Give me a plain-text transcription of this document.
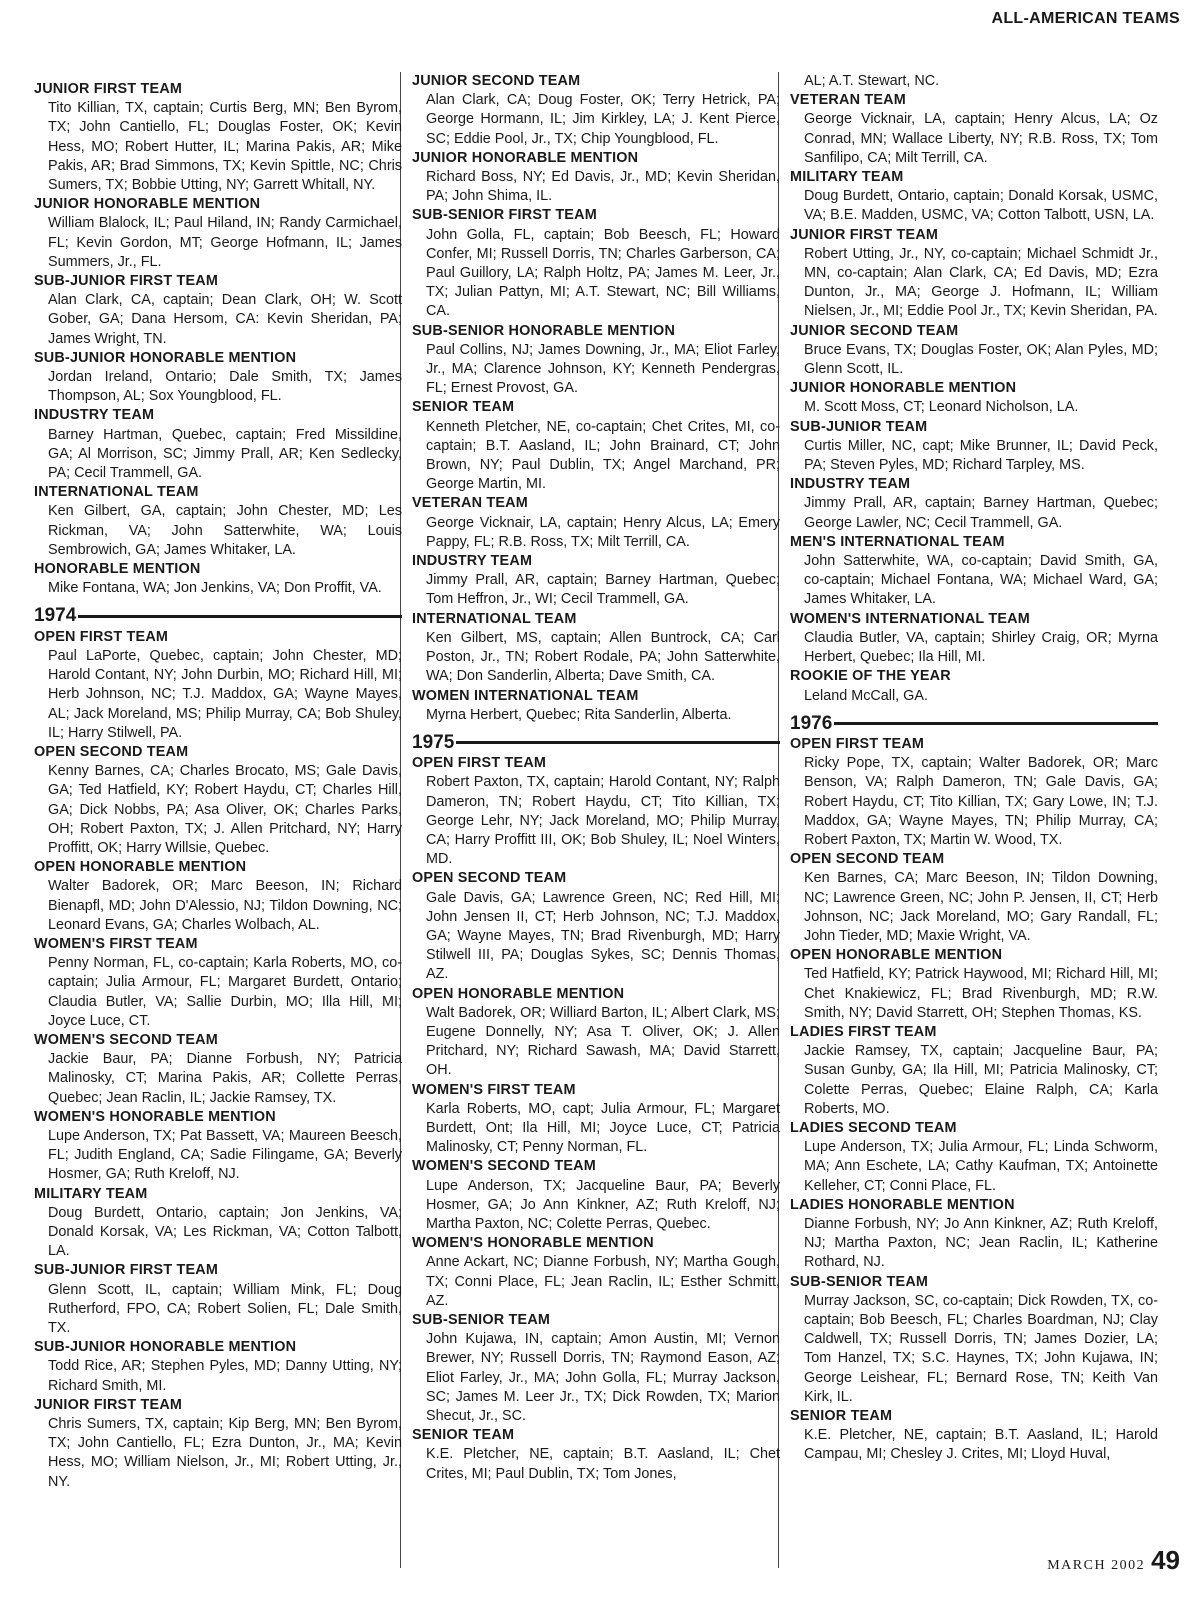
ALL-AMERICAN TEAMS
JUNIOR FIRST TEAM
Tito Killian, TX, captain; Curtis Berg, MN; Ben Byrom, TX; John Cantiello, FL; Douglas Foster, OK; Kevin Hess, MO; Robert Hutter, IL; Marina Pakis, AR; Mike Pakis, AR; Brad Simmons, TX; Kevin Spittle, NC; Chris Sumers, TX; Bobbie Utting, NY; Garrett Whitall, NY.
JUNIOR HONORABLE MENTION
William Blalock, IL; Paul Hiland, IN; Randy Carmichael, FL; Kevin Gordon, MT; George Hofmann, IL; James Summers, Jr., FL.
SUB-JUNIOR FIRST TEAM
Alan Clark, CA, captain; Dean Clark, OH; W. Scott Gober, GA; Dana Hersom, CA: Kevin Sheridan, PA; James Wright, TN.
SUB-JUNIOR HONORABLE MENTION
Jordan Ireland, Ontario; Dale Smith, TX; James Thompson, AL; Sox Youngblood, FL.
INDUSTRY TEAM
Barney Hartman, Quebec, captain; Fred Missildine, GA; Al Morrison, SC; Jimmy Prall, AR; Ken Sedlecky, PA; Cecil Trammell, GA.
INTERNATIONAL TEAM
Ken Gilbert, GA, captain; John Chester, MD; Les Rickman, VA; John Satterwhite, WA; Louis Sembrowich, GA; James Whitaker, LA.
HONORABLE MENTION
Mike Fontana, WA; Jon Jenkins, VA; Don Proffit, VA.
1974
OPEN FIRST TEAM
Paul LaPorte, Quebec, captain; John Chester, MD; Harold Contant, NY; John Durbin, MO; Richard Hill, MI; Herb Johnson, NC; T.J. Maddox, GA; Wayne Mayes, AL; Jack Moreland, MS; Philip Murray, CA; Bob Shuley, IL; Harry Stilwell, PA.
OPEN SECOND TEAM
Kenny Barnes, CA; Charles Brocato, MS; Gale Davis, GA; Ted Hatfield, KY; Robert Haydu, CT; Charles Hill, GA; Dick Nobbs, PA; Asa Oliver, OK; Charles Parks, OH; Robert Paxton, TX; J. Allen Pritchard, NY; Harry Proffitt, OK; Harry Willsie, Quebec.
OPEN HONORABLE MENTION
Walter Badorek, OR; Marc Beeson, IN; Richard Bienapfl, MD; John D'Alessio, NJ; Tildon Downing, NC; Leonard Evans, GA; Charles Wolbach, AL.
WOMEN'S FIRST TEAM
Penny Norman, FL, co-captain; Karla Roberts, MO, co-captain; Julia Armour, FL; Margaret Burdett, Ontario; Claudia Butler, VA; Sallie Durbin, MO; Illa Hill, MI; Joyce Luce, CT.
WOMEN'S SECOND TEAM
Jackie Baur, PA; Dianne Forbush, NY; Patricia Malinosky, CT; Marina Pakis, AR; Collette Perras, Quebec; Jean Raclin, IL; Jackie Ramsey, TX.
WOMEN'S HONORABLE MENTION
Lupe Anderson, TX; Pat Bassett, VA; Maureen Beesch, FL; Judith England, CA; Sadie Filingame, GA; Beverly Hosmer, GA; Ruth Kreloff, NJ.
MILITARY TEAM
Doug Burdett, Ontario, captain; Jon Jenkins, VA; Donald Korsak, VA; Les Rickman, VA; Cotton Talbott, LA.
SUB-JUNIOR FIRST TEAM
Glenn Scott, IL, captain; William Mink, FL; Doug Rutherford, FPO, CA; Robert Solien, FL; Dale Smith, TX.
SUB-JUNIOR HONORABLE MENTION
Todd Rice, AR; Stephen Pyles, MD; Danny Utting, NY; Richard Smith, MI.
JUNIOR FIRST TEAM
Chris Sumers, TX, captain; Kip Berg, MN; Ben Byrom, TX; John Cantiello, FL; Ezra Dunton, Jr., MA; Kevin Hess, MO; William Nielson, Jr., MI; Robert Utting, Jr., NY.
JUNIOR SECOND TEAM
Alan Clark, CA; Doug Foster, OK; Terry Hetrick, PA; George Hormann, IL; Jim Kirkley, LA; J. Kent Pierce, SC; Eddie Pool, Jr., TX; Chip Youngblood, FL.
JUNIOR HONORABLE MENTION
Richard Boss, NY; Ed Davis, Jr., MD; Kevin Sheridan, PA; John Shima, IL.
SUB-SENIOR FIRST TEAM
John Golla, FL, captain; Bob Beesch, FL; Howard Confer, MI; Russell Dorris, TN; Charles Garberson, CA; Paul Guillory, LA; Ralph Holtz, PA; James M. Leer, Jr., TX; Julian Pattyn, MI; A.T. Stewart, NC; Bill Williams, CA.
SUB-SENIOR HONORABLE MENTION
Paul Collins, NJ; James Downing, Jr., MA; Eliot Farley, Jr., MA; Clarence Johnson, KY; Kenneth Pendergras, FL; Ernest Provost, GA.
SENIOR TEAM
Kenneth Pletcher, NE, co-captain; Chet Crites, MI, co-captain; B.T. Aasland, IL; John Brainard, CT; John Brown, NY; Paul Dublin, TX; Angel Marchand, PR; George Martin, MI.
VETERAN TEAM
George Vicknair, LA, captain; Henry Alcus, LA; Emery Pappy, FL; R.B. Ross, TX; Milt Terrill, CA.
INDUSTRY TEAM
Jimmy Prall, AR, captain; Barney Hartman, Quebec; Tom Heffron, Jr., WI; Cecil Trammell, GA.
INTERNATIONAL TEAM
Ken Gilbert, MS, captain; Allen Buntrock, CA; Carl Poston, Jr., TN; Robert Rodale, PA; John Satterwhite, WA; Don Sanderlin, Alberta; Dave Smith, CA.
WOMEN INTERNATIONAL TEAM
Myrna Herbert, Quebec; Rita Sanderlin, Alberta.
1975
OPEN FIRST TEAM
Robert Paxton, TX, captain; Harold Contant, NY; Ralph Dameron, TN; Robert Haydu, CT; Tito Killian, TX; George Lehr, NY; Jack Moreland, MO; Philip Murray, CA; Harry Proffitt III, OK; Bob Shuley, IL; Noel Winters, MD.
OPEN SECOND TEAM
Gale Davis, GA; Lawrence Green, NC; Red Hill, MI; John Jensen II, CT; Herb Johnson, NC; T.J. Maddox, GA; Wayne Mayes, TN; Brad Rivenburgh, MD; Harry Stilwell III, PA; Douglas Sykes, SC; Dennis Thomas, AZ.
OPEN HONORABLE MENTION
Walt Badorek, OR; Williard Barton, IL; Albert Clark, MS; Eugene Donnelly, NY; Asa T. Oliver, OK; J. Allen Pritchard, NY; Richard Sawash, MA; David Starrett, OH.
WOMEN'S FIRST TEAM
Karla Roberts, MO, capt; Julia Armour, FL; Margaret Burdett, Ont; Ila Hill, MI; Joyce Luce, CT; Patricia Malinosky, CT; Penny Norman, FL.
WOMEN'S SECOND TEAM
Lupe Anderson, TX; Jacqueline Baur, PA; Beverly Hosmer, GA; Jo Ann Kinkner, AZ; Ruth Kreloff, NJ; Martha Paxton, NC; Colette Perras, Quebec.
WOMEN'S HONORABLE MENTION
Anne Ackart, NC; Dianne Forbush, NY; Martha Gough, TX; Conni Place, FL; Jean Raclin, IL; Esther Schmitt, AZ.
SUB-SENIOR TEAM
John Kujawa, IN, captain; Amon Austin, MI; Vernon Brewer, NY; Russell Dorris, TN; Raymond Eason, AZ; Eliot Farley, Jr., MA; John Golla, FL; Murray Jackson, SC; James M. Leer Jr., TX; Dick Rowden, TX; Marion Shecut, Jr., SC.
SENIOR TEAM
K.E. Pletcher, NE, captain; B.T. Aasland, IL; Chet Crites, MI; Paul Dublin, TX; Tom Jones,
AL; A.T. Stewart, NC.
VETERAN TEAM
George Vicknair, LA, captain; Henry Alcus, LA; Oz Conrad, MN; Wallace Liberty, NY; R.B. Ross, TX; Tom Sanfilipo, CA; Milt Terrill, CA.
MILITARY TEAM
Doug Burdett, Ontario, captain; Donald Korsak, USMC, VA; B.E. Madden, USMC, VA; Cotton Talbott, USN, LA.
JUNIOR FIRST TEAM
Robert Utting, Jr., NY, co-captain; Michael Schmidt Jr., MN, co-captain; Alan Clark, CA; Ed Davis, MD; Ezra Dunton, Jr., MA; George J. Hofmann, IL; William Nielsen, Jr., MI; Eddie Pool Jr., TX; Kevin Sheridan, PA.
JUNIOR SECOND TEAM
Bruce Evans, TX; Douglas Foster, OK; Alan Pyles, MD; Glenn Scott, IL.
JUNIOR HONORABLE MENTION
M. Scott Moss, CT; Leonard Nicholson, LA.
SUB-JUNIOR TEAM
Curtis Miller, NC, capt; Mike Brunner, IL; David Peck, PA; Steven Pyles, MD; Richard Tarpley, MS.
INDUSTRY TEAM
Jimmy Prall, AR, captain; Barney Hartman, Quebec; George Lawler, NC; Cecil Trammell, GA.
MEN'S INTERNATIONAL TEAM
John Satterwhite, WA, co-captain; David Smith, GA, co-captain; Michael Fontana, WA; Michael Ward, GA; James Whitaker, LA.
WOMEN'S INTERNATIONAL TEAM
Claudia Butler, VA, captain; Shirley Craig, OR; Myrna Herbert, Quebec; Ila Hill, MI.
ROOKIE OF THE YEAR
Leland McCall, GA.
1976
OPEN FIRST TEAM
Ricky Pope, TX, captain; Walter Badorek, OR; Marc Benson, VA; Ralph Dameron, TN; Gale Davis, GA; Robert Haydu, CT; Tito Killian, TX; Gary Lowe, IN; T.J. Maddox, GA; Wayne Mayes, TN; Philip Murray, CA; Robert Paxton, TX; Martin W. Wood, TX.
OPEN SECOND TEAM
Ken Barnes, CA; Marc Beeson, IN; Tildon Downing, NC; Lawrence Green, NC; John P. Jensen, II, CT; Herb Johnson, NC; Jack Moreland, MO; Gary Randall, FL; John Tieder, MD; Maxie Wright, VA.
OPEN HONORABLE MENTION
Ted Hatfield, KY; Patrick Haywood, MI; Richard Hill, MI; Chet Knakiewicz, FL; Brad Rivenburgh, MD; R.W. Smith, NY; David Starrett, OH; Stephen Thomas, KS.
LADIES FIRST TEAM
Jackie Ramsey, TX, captain; Jacqueline Baur, PA; Susan Gunby, GA; Ila Hill, MI; Patricia Malinosky, CT; Colette Perras, Quebec; Elaine Ralph, CA; Karla Roberts, MO.
LADIES SECOND TEAM
Lupe Anderson, TX; Julia Armour, FL; Linda Schworm, MA; Ann Eschete, LA; Cathy Kaufman, TX; Antoinette Kelleher, CT; Conni Place, FL.
LADIES HONORABLE MENTION
Dianne Forbush, NY; Jo Ann Kinkner, AZ; Ruth Kreloff, NJ; Martha Paxton, NC; Jean Raclin, IL; Katherine Rothard, NJ.
SUB-SENIOR TEAM
Murray Jackson, SC, co-captain; Dick Rowden, TX, co-captain; Bob Beesch, FL; Charles Boardman, NJ; Clay Caldwell, TX; Russell Dorris, TN; James Dozier, LA; Tom Hanzel, TX; S.C. Haynes, TX; John Kujawa, IN; George Leishear, FL; Bernard Rose, TN; Keith Van Kirk, IL.
SENIOR TEAM
K.E. Pletcher, NE, captain; B.T. Aasland, IL; Harold Campau, MI; Chesley J. Crites, MI; Lloyd Huval,
MARCH 2002 49
